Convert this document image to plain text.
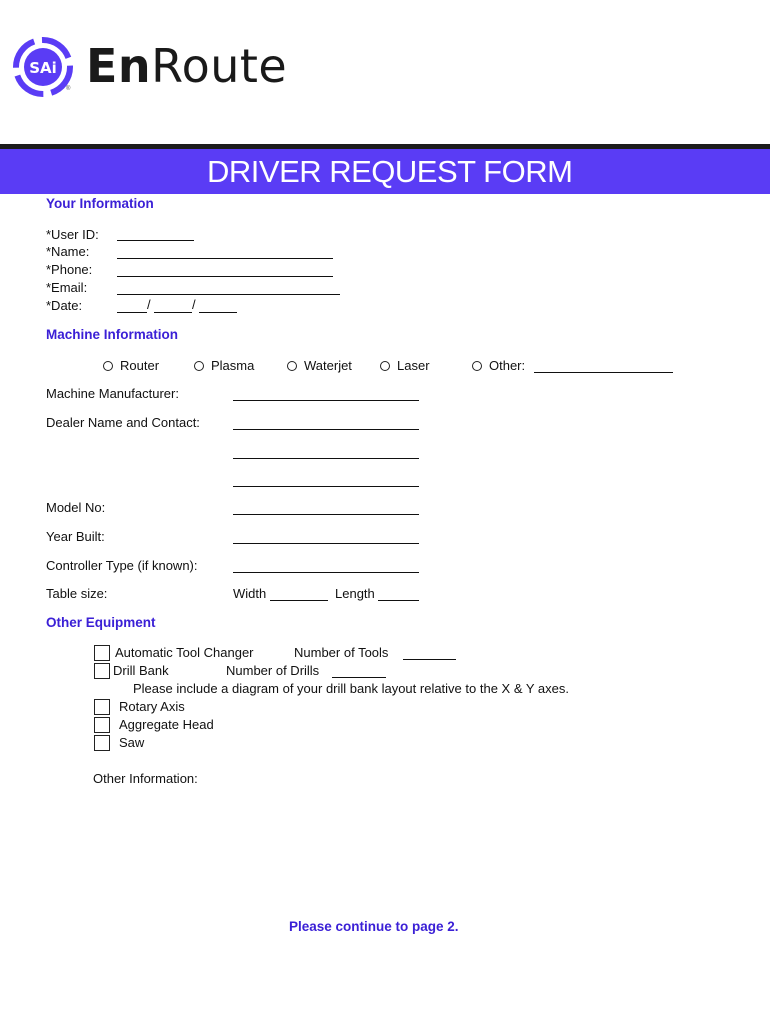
SAi
® EnRoute
DRIVER REQUEST FORM
Your Information
*User ID:
*Name:
*Phone:
*Email:
*Date:	/	/
Machine Information
Router	Plasma	Waterjet	Laser	Other:
Machine Manufacturer:
Dealer Name and Contact:
Model No:
Year Built:
Controller Type (if known):
Table size:	Width	Length
Other Equipment
Automatic Tool Changer	Number of Tools
Drill Bank	Number of Drills
Please include a diagram of your drill bank layout relative to the X & Y axes.
Rotary Axis
Aggregate Head
Saw
Other Information:
Please continue to page 2.
